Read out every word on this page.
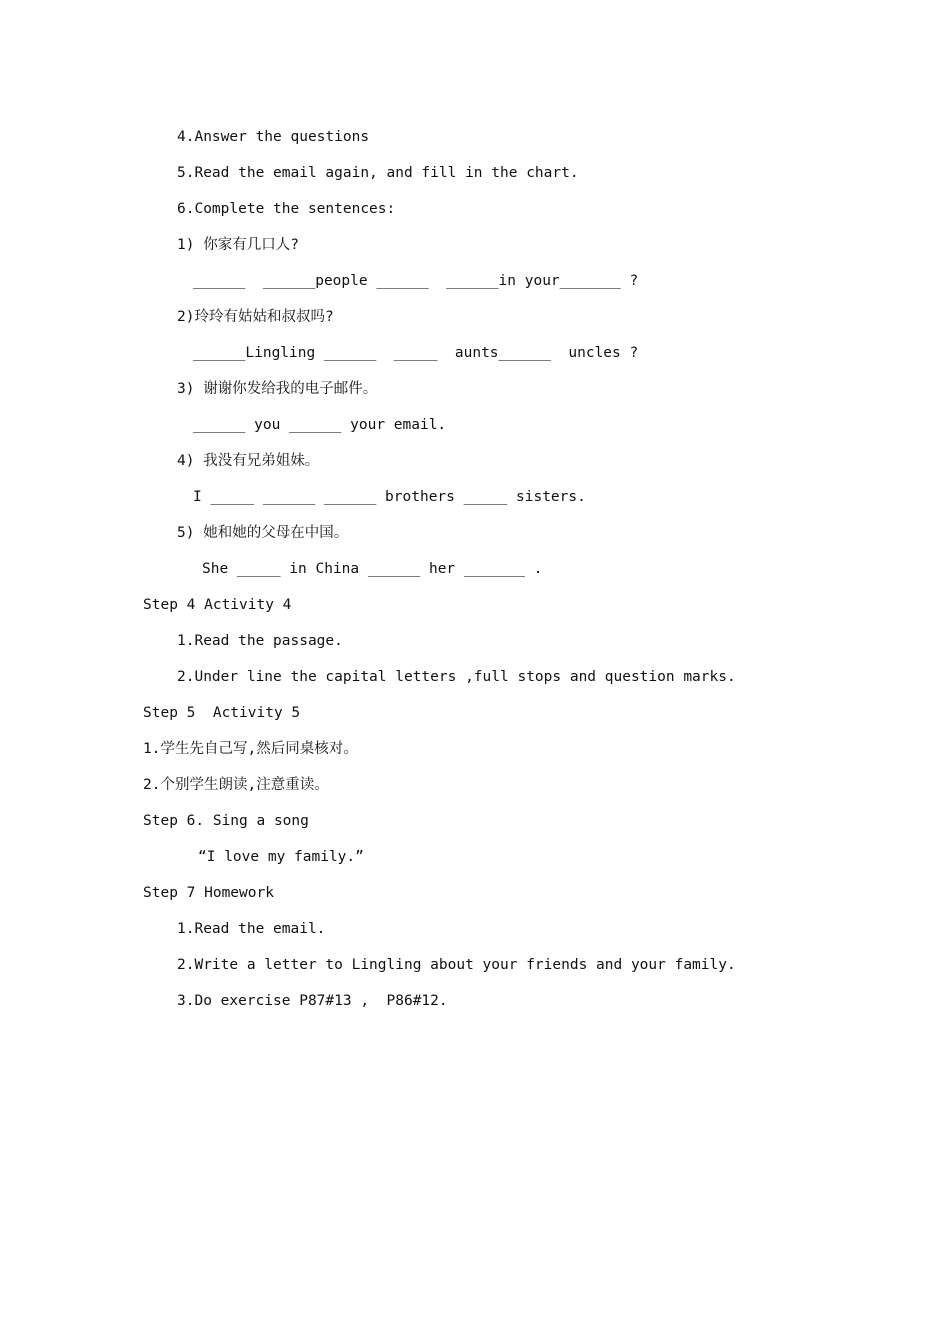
4.Answer the questions
5.Read the email again, and fill in the chart.
6.Complete the sentences:
1) 你家有几口人?
______  ______people ______  ______in your_______ ?
2)玲玲有姑姑和叔叔吗?
______Lingling ______  _____  aunts______  uncles ?
3) 谢谢你发给我的电子邮件。
______ you ______ your email.
4) 我没有兄弟姐妹。
I _____ ______ ______ brothers _____ sisters.
5) 她和她的父母在中国。
She _____ in China ______ her _______ .
Step 4 Activity 4
1.Read the passage.
2.Under line the capital letters ,full stops and question marks.
Step 5  Activity 5
1.学生先自己写,然后同桌核对。
2.个别学生朗读,注意重读。
Step 6. Sing a song
“I love my family.”
Step 7 Homework
1.Read the email.
2.Write a letter to Lingling about your friends and your family.
3.Do exercise P87#13 ,  P86#12.
